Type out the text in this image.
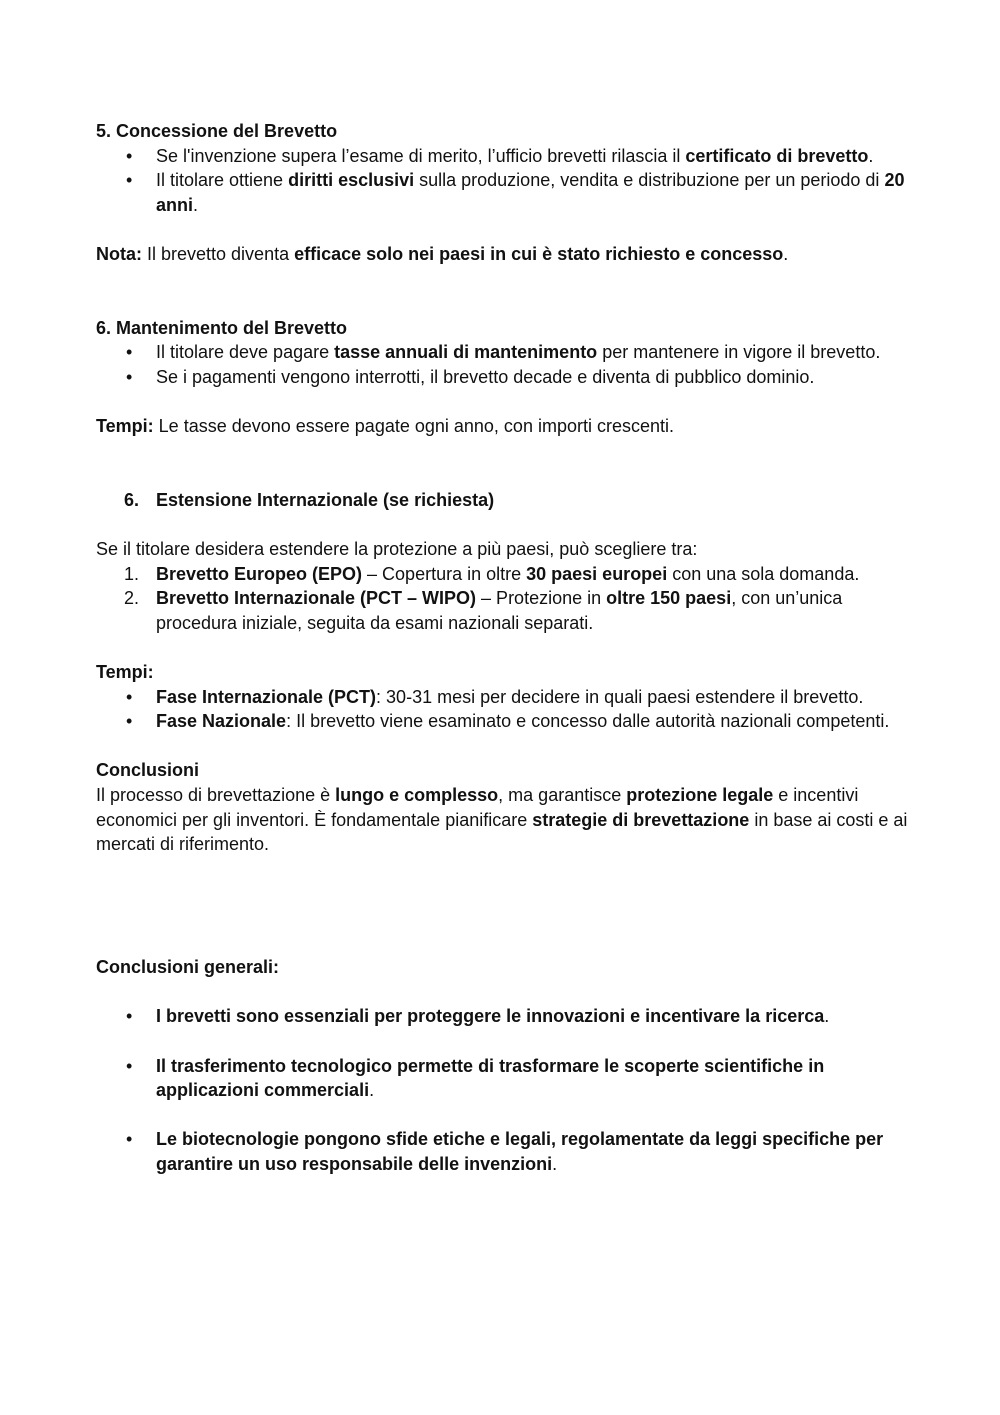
5. Concessione del Brevetto

• Se l'invenzione supera l’esame di merito, l’ufficio brevetti rilascia il certificato di brevetto.
• Il titolare ottiene diritti esclusivi sulla produzione, vendita e distribuzione per un periodo di 20 anni.

Nota: Il brevetto diventa efficace solo nei paesi in cui è stato richiesto e concesso.

6. Mantenimento del Brevetto

• Il titolare deve pagare tasse annuali di mantenimento per mantenere in vigore il brevetto.
• Se i pagamenti vengono interrotti, il brevetto decade e diventa di pubblico dominio.

Tempi: Le tasse devono essere pagate ogni anno, con importi crescenti.

6. Estensione Internazionale (se richiesta)

Se il titolare desidera estendere la protezione a più paesi, può scegliere tra:

1. Brevetto Europeo (EPO) – Copertura in oltre 30 paesi europei con una sola domanda.
2. Brevetto Internazionale (PCT – WIPO) – Protezione in oltre 150 paesi, con un’unica procedura iniziale, seguita da esami nazionali separati.

Tempi:

• Fase Internazionale (PCT): 30-31 mesi per decidere in quali paesi estendere il brevetto.
• Fase Nazionale: Il brevetto viene esaminato e concesso dalle autorità nazionali competenti.

Conclusioni

Il processo di brevettazione è lungo e complesso, ma garantisce protezione legale e incentivi economici per gli inventori. È fondamentale pianificare strategie di brevettazione in base ai costi e ai mercati di riferimento.

Conclusioni generali:

• I brevetti sono essenziali per proteggere le innovazioni e incentivare la ricerca.
• Il trasferimento tecnologico permette di trasformare le scoperte scientifiche in applicazioni commerciali.
• Le biotecnologie pongono sfide etiche e legali, regolamentate da leggi specifiche per garantire un uso responsabile delle invenzioni.
